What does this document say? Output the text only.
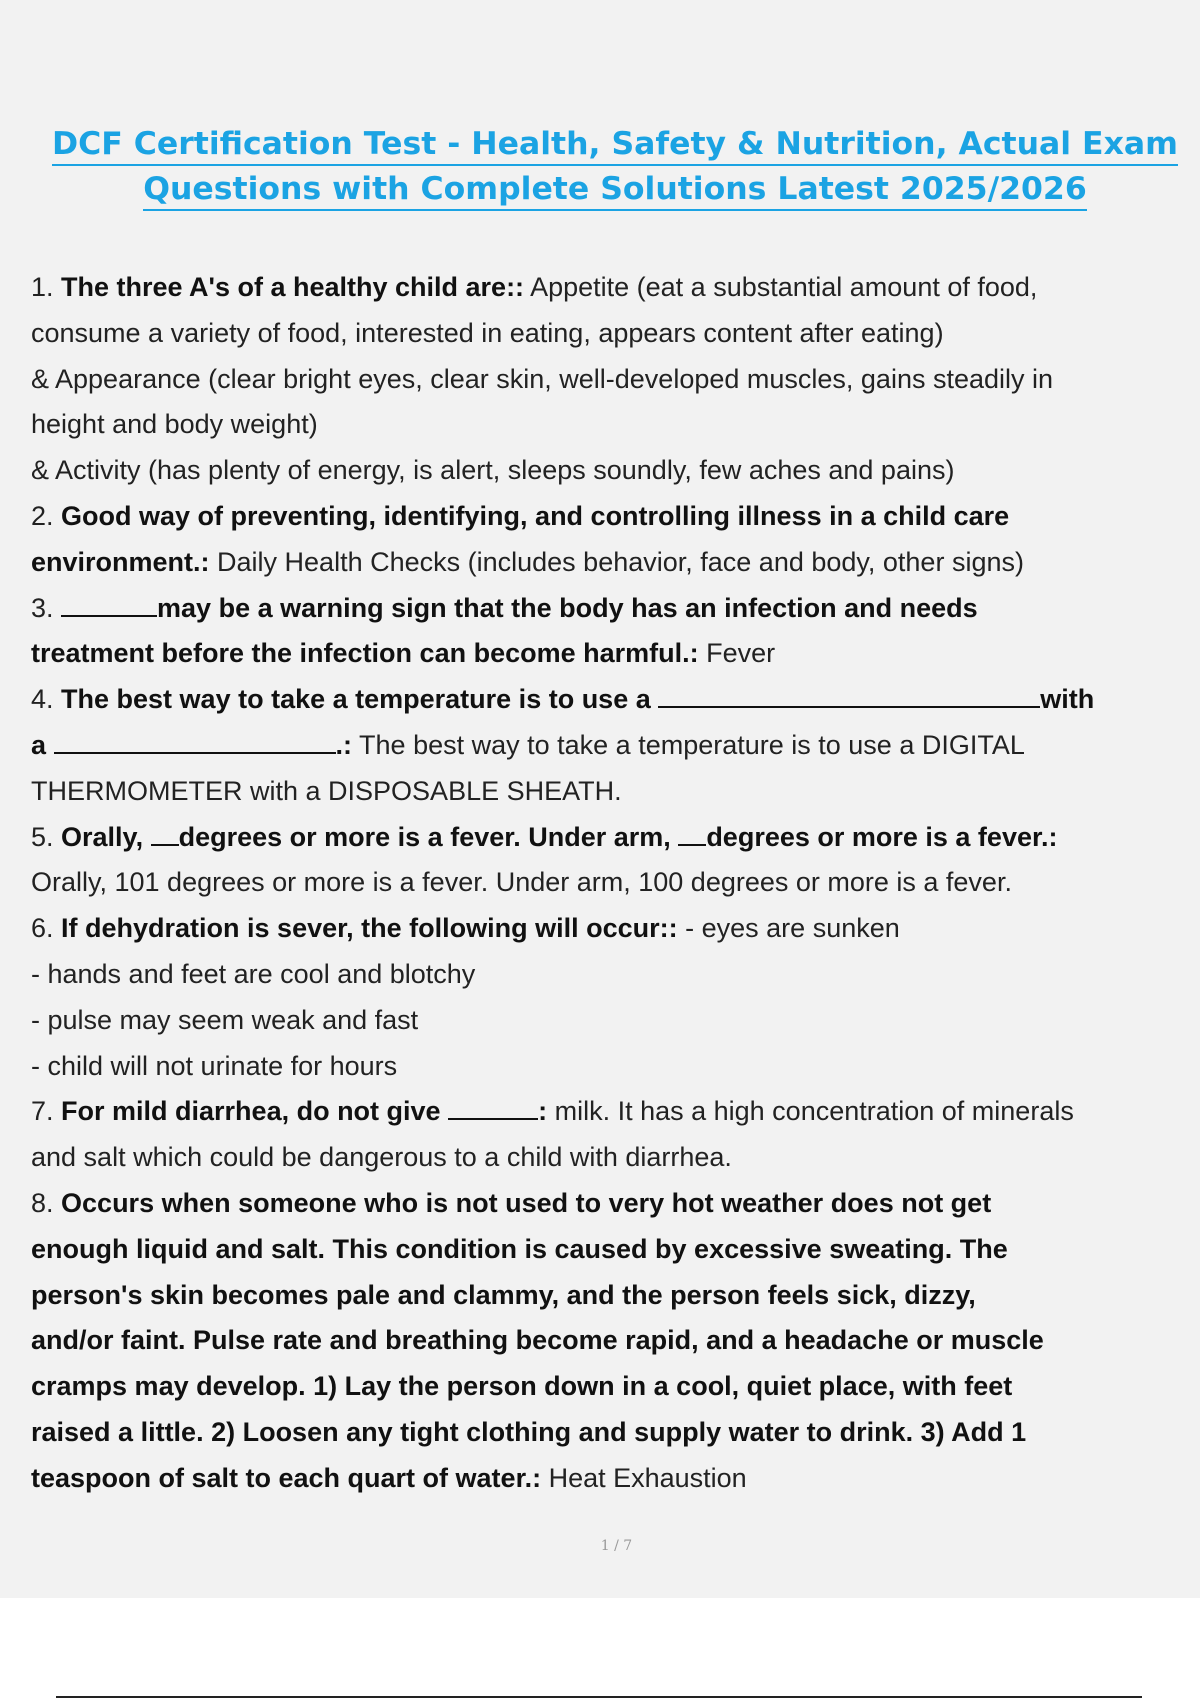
DCF Certification Test - Health, Safety & Nutrition, Actual Exam
Questions with Complete Solutions Latest 2025/2026
1. The three A's of a healthy child are:: Appetite (eat a substantial amount of food,
consume a variety of food, interested in eating, appears content after eating)
& Appearance (clear bright eyes, clear skin, well-developed muscles, gains steadily in
height and body weight)
& Activity (has plenty of energy, is alert, sleeps soundly, few aches and pains)
2. Good way of preventing, identifying, and controlling illness in a child care
environment.: Daily Health Checks (includes behavior, face and body, other signs)
3.	may be a warning sign that the body has an infection and needs
treatment before the infection can become harmful.: Fever
4. The best way to take a temperature is to use a	with
a	.: The best way to take a temperature is to use a DIGITAL
THERMOMETER with a DISPOSABLE SHEATH.
5. Orally, degrees or more is a fever. Under arm, degrees or more is a fever.:
Orally, 101 degrees or more is a fever. Under arm, 100 degrees or more is a fever.
6. If dehydration is sever, the following will occur:: - eyes are sunken
- hands and feet are cool and blotchy
- pulse may seem weak and fast
- child will not urinate for hours
7. For mild diarrhea, do not give	: milk. It has a high concentration of minerals
and salt which could be dangerous to a child with diarrhea.
8. Occurs when someone who is not used to very hot weather does not get
enough liquid and salt. This condition is caused by excessive sweating. The
person's skin becomes pale and clammy, and the person feels sick, dizzy,
and/or faint. Pulse rate and breathing become rapid, and a headache or muscle
cramps may develop. 1) Lay the person down in a cool, quiet place, with feet
raised a little. 2) Loosen any tight clothing and supply water to drink. 3) Add 1
teaspoon of salt to each quart of water.: Heat Exhaustion
1 / 7
